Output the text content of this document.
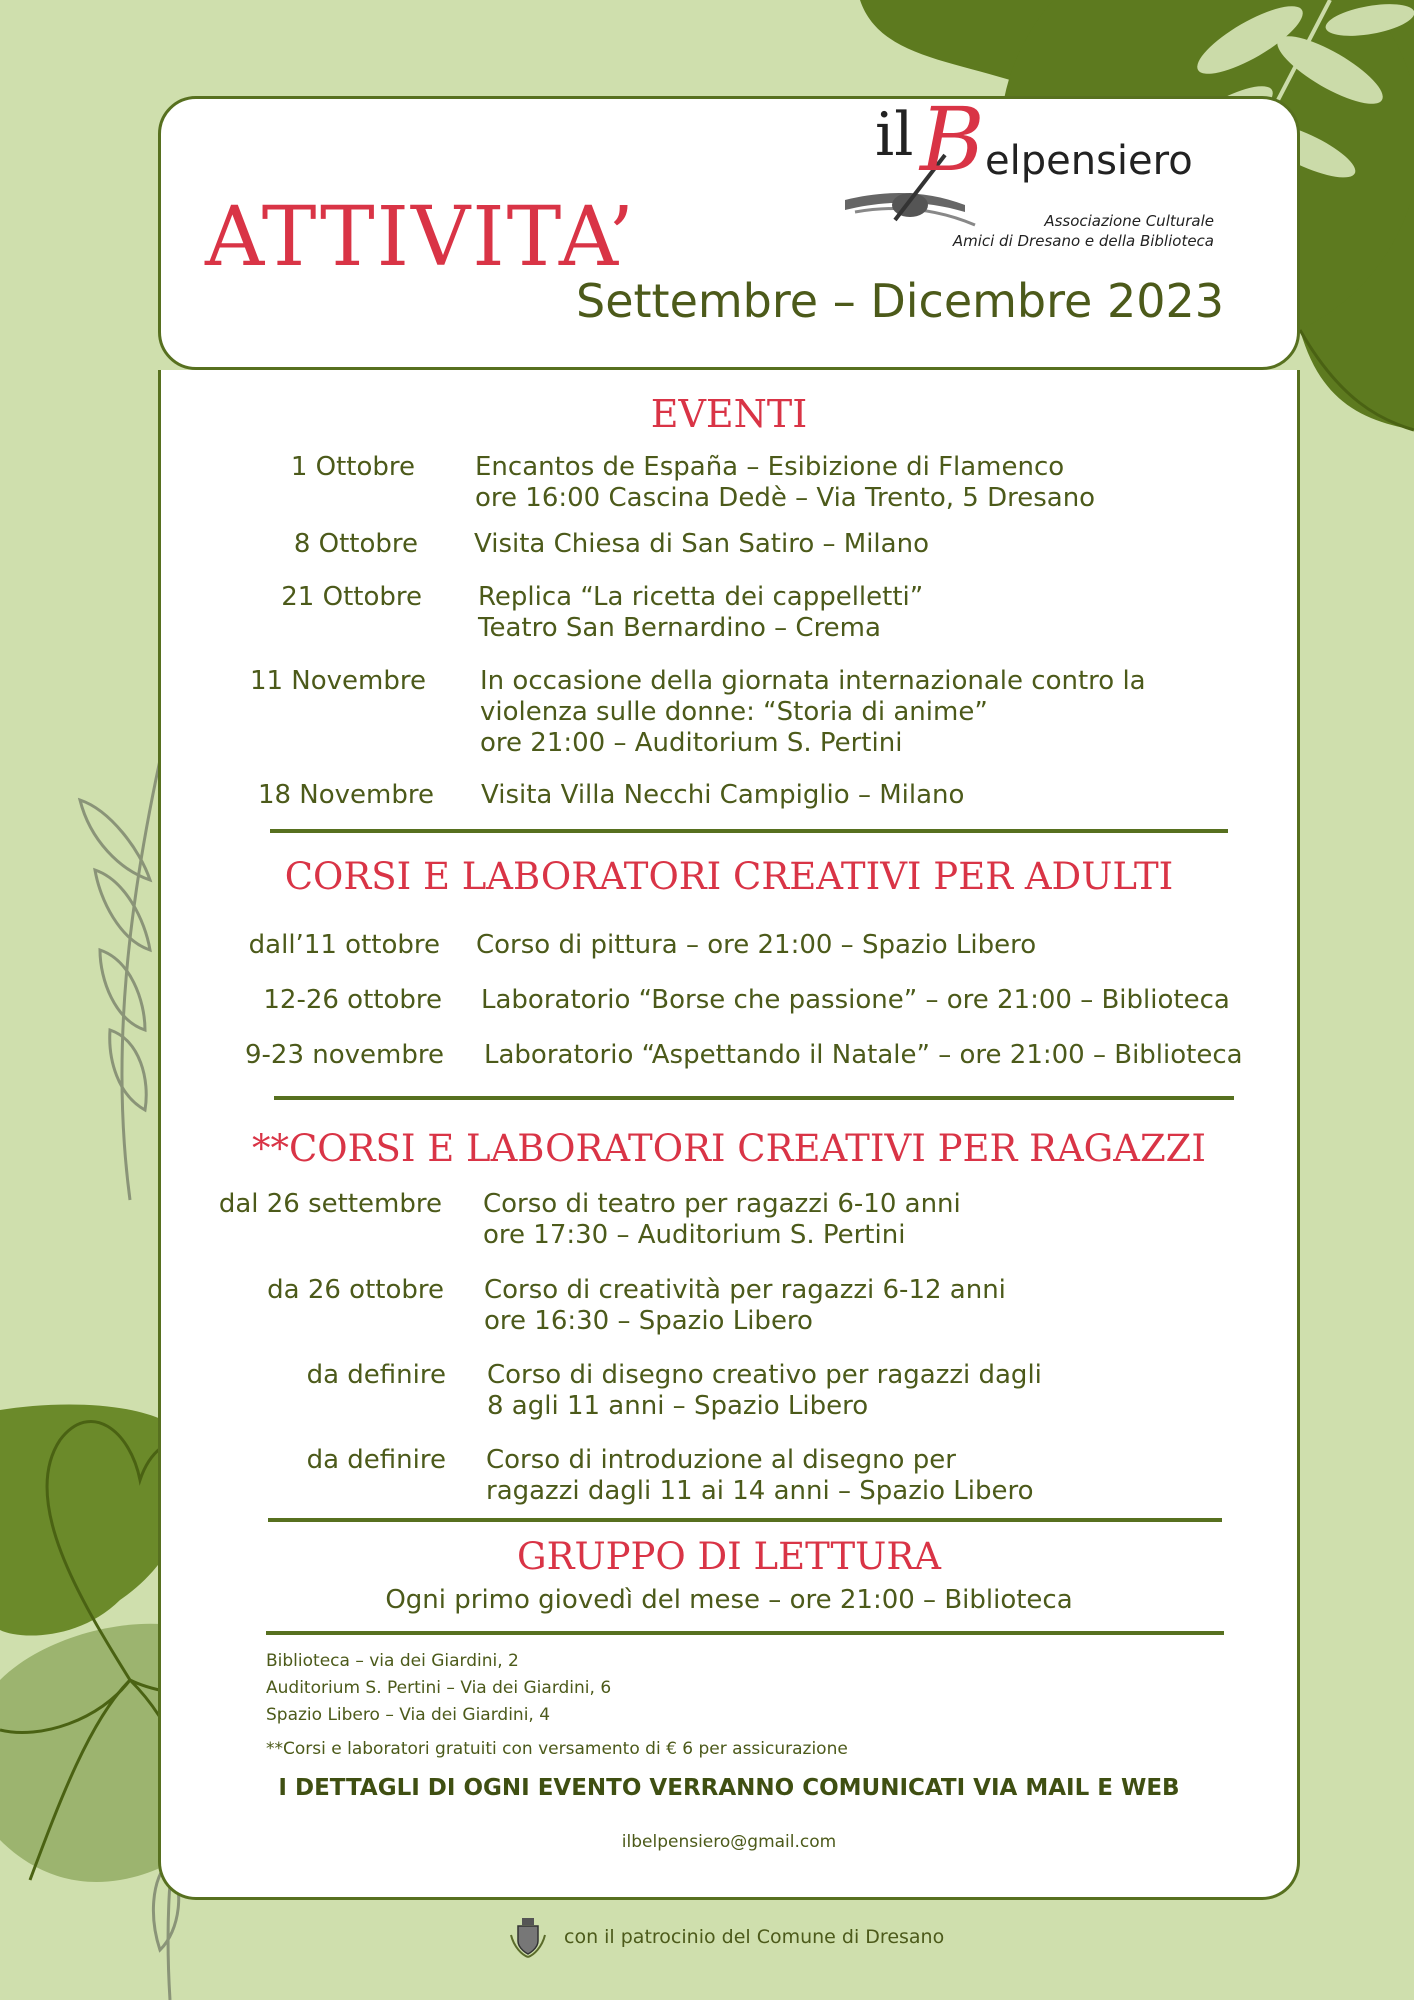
ATTIVITA’
Settembre – Dicembre 2023
il B elpensiero
Associazione Culturale
Amici di Dresano e della Biblioteca
EVENTI
1 Ottobre Encantos de España – Esibizione di Flamenco
ore 16:00 Cascina Dedè – Via Trento, 5 Dresano
8 Ottobre Visita Chiesa di San Satiro – Milano
21 Ottobre Replica “La ricetta dei cappelletti”
Teatro San Bernardino – Crema
11 Novembre In occasione della giornata internazionale contro la
violenza sulle donne: “Storia di anime”
ore 21:00 – Auditorium S. Pertini
18 Novembre Visita Villa Necchi Campiglio – Milano
CORSI E LABORATORI CREATIVI PER ADULTI
dall’11 ottobre Corso di pittura – ore 21:00 – Spazio Libero
12-26 ottobre Laboratorio “Borse che passione” – ore 21:00 – Biblioteca
9-23 novembre Laboratorio “Aspettando il Natale” – ore 21:00 – Biblioteca
**CORSI E LABORATORI CREATIVI PER RAGAZZI
dal 26 settembre Corso di teatro per ragazzi 6-10 anni
ore 17:30 – Auditorium S. Pertini
da 26 ottobre Corso di creatività per ragazzi 6-12 anni
ore 16:30 – Spazio Libero
da definire Corso di disegno creativo per ragazzi dagli
8 agli 11 anni – Spazio Libero
da definire Corso di introduzione al disegno per
ragazzi dagli 11 ai 14 anni – Spazio Libero
GRUPPO DI LETTURA
Ogni primo giovedì del mese – ore 21:00 – Biblioteca
Biblioteca – via dei Giardini, 2
Auditorium S. Pertini – Via dei Giardini, 6
Spazio Libero – Via dei Giardini, 4
**Corsi e laboratori gratuiti con versamento di € 6 per assicurazione
I DETTAGLI DI OGNI EVENTO VERRANNO COMUNICATI VIA MAIL E WEB
ilbelpensiero@gmail.com
con il patrocinio del Comune di Dresano
